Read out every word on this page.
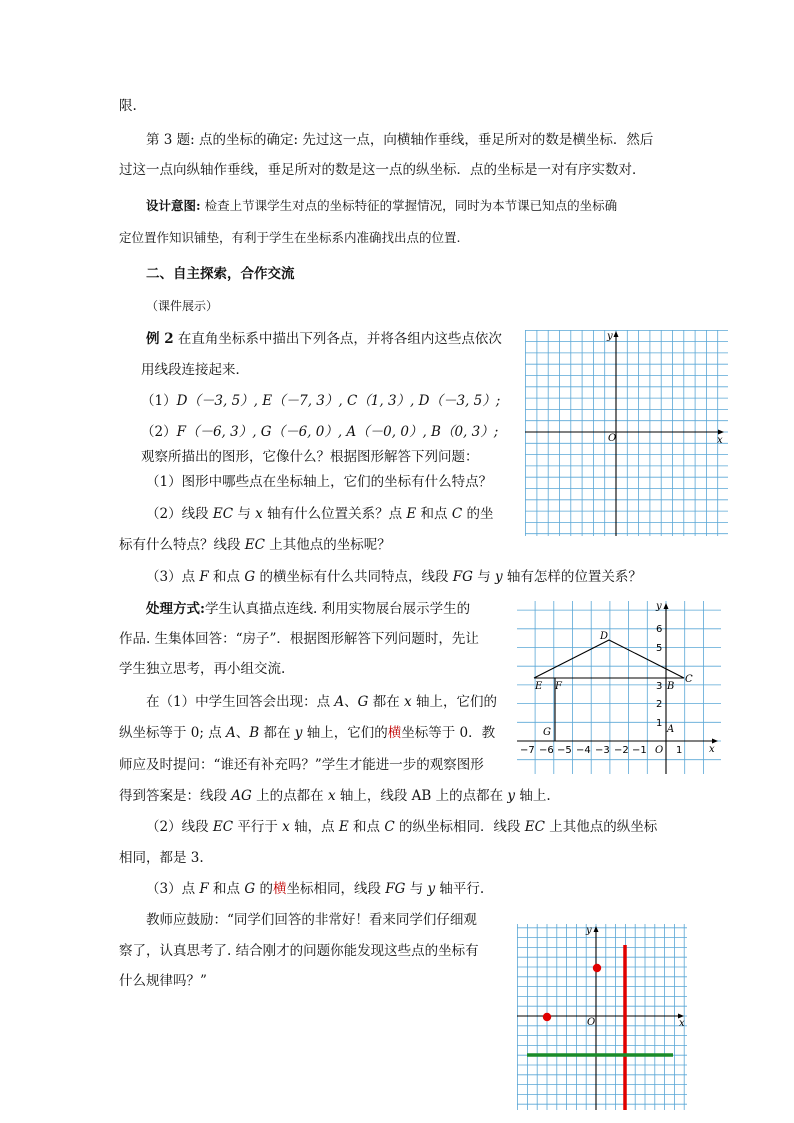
限.
第 3 题: 点的坐标的确定: 先过这一点，向横轴作垂线，垂足所对的数是横坐标．然后
过这一点向纵轴作垂线，垂足所对的数是这一点的纵坐标．点的坐标是一对有序实数对．
设计意图: 检查上节课学生对点的坐标特征的掌握情况，同时为本节课已知点的坐标确
定位置作知识铺垫，有利于学生在坐标系内准确找出点的位置.
二、自主探索，合作交流
（课件展示）
例 2 在直角坐标系中描出下列各点，并将各组内这些点依次
用线段连接起来．
（1）D（－3, 5）, E（－7, 3）, C（1, 3）, D（－3, 5）;
（2）F（－6, 3）, G（－6, 0）, A（－0, 0）, B（0, 3）;
观察所描出的图形，它像什么？根据图形解答下列问题：
（1）图形中哪些点在坐标轴上，它们的坐标有什么特点？
（2）线段 EC 与 x 轴有什么位置关系？点 E 和点 C 的坐
标有什么特点？线段 EC 上其他点的坐标呢？
（3）点 F 和点 G 的横坐标有什么共同特点，线段 FG 与 y 轴有怎样的位置关系？
处理方式:学生认真描点连线. 利用实物展台展示学生的
作品. 生集体回答：“房子”．根据图形解答下列问题时，先让
学生独立思考，再小组交流.
在（1）中学生回答会出现：点 A、G 都在 x 轴上，它们的
纵坐标等于 0; 点 A、B 都在 y 轴上，它们的横坐标等于 0．教
师应及时提问：“谁还有补充吗？”学生才能进一步的观察图形
得到答案是：线段 AG 上的点都在 x 轴上，线段 AB 上的点都在 y 轴上.
（2）线段 EC 平行于 x 轴，点 E 和点 C 的纵坐标相同．线段 EC 上其他点的纵坐标
相同，都是 3.
（3）点 F 和点 G 的横坐标相同，线段 FG 与 y 轴平行.
教师应鼓励：“同学们回答的非常好！看来同学们仔细观
察了，认真思考了. 结合刚才的问题你能发现这些点的坐标有
什么规律吗？”
x
y
O
y
x
O
D
E F
C
B
G	A
−7 −6 −5 −4 −3 −2 −1	1
1
2
3
5
6
y
x
O
